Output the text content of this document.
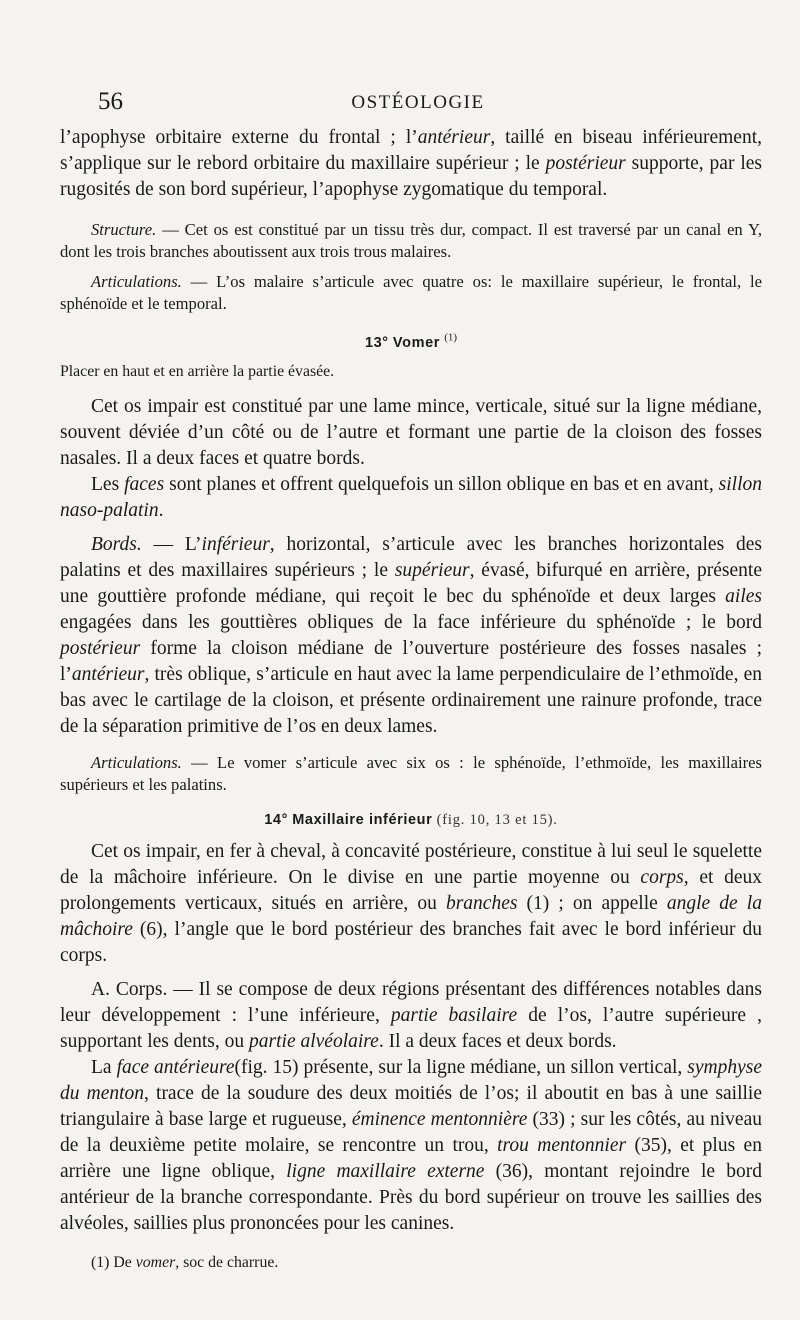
56	OSTÉOLOGIE

l’apophyse orbitaire externe du frontal ; l’antérieur, taillé en biseau inférieurement, s’applique sur le rebord orbitaire du maxillaire supérieur ; le postérieur supporte, par les rugosités de son bord supérieur, l’apophyse zygomatique du temporal.

Structure. — Cet os est constitué par un tissu très dur, compact. Il est traversé par un canal en Y, dont les trois branches aboutissent aux trois trous malaires.

Articulations. — L’os malaire s’articule avec quatre os: le maxillaire supérieur, le frontal, le sphénoïde et le temporal.

13° Vomer $^{(1)}$

Placer en haut et en arrière la partie évasée.

Cet os impair est constitué par une lame mince, verticale, situé sur la ligne médiane, souvent déviée d’un côté ou de l’autre et formant une partie de la cloison des fosses nasales. Il a deux faces et quatre bords.

Les faces sont planes et offrent quelquefois un sillon oblique en bas et en avant, sillon naso-palatin.

Bords. — L’inférieur, horizontal, s’articule avec les branches horizontales des palatins et des maxillaires supérieurs ; le supérieur, évasé, bifurqué en arrière, présente une gouttière profonde médiane, qui reçoit le bec du sphénoïde et deux larges ailes engagées dans les gouttières obliques de la face inférieure du sphénoïde ; le bord postérieur forme la cloison médiane de l’ouverture postérieure des fosses nasales ; l’antérieur, très oblique, s’articule en haut avec la lame perpendiculaire de l’ethmoïde, en bas avec le cartilage de la cloison, et présente ordinairement une rainure profonde, trace de la séparation primitive de l’os en deux lames.

Articulations. — Le vomer s’articule avec six os : le sphénoïde, l’ethmoïde, les maxillaires supérieurs et les palatins.

14° Maxillaire inférieur (fig. 10, 13 et 15).

Cet os impair, en fer à cheval, à concavité postérieure, constitue à lui seul le squelette de la mâchoire inférieure. On le divise en une partie moyenne ou corps, et deux prolongements verticaux, situés en arrière, ou branches (1) ; on appelle angle de la mâchoire (6), l’angle que le bord postérieur des branches fait avec le bord inférieur du corps.

A. Corps. — Il se compose de deux régions présentant des différences notables dans leur développement : l’une inférieure, partie basilaire de l’os, l’autre supérieure , supportant les dents, ou partie alvéolaire. Il a deux faces et deux bords.

La face antérieure(fig. 15) présente, sur la ligne médiane, un sillon vertical, symphyse du menton, trace de la soudure des deux moitiés de l’os; il aboutit en bas à une saillie triangulaire à base large et rugueuse, éminence mentonnière (33) ; sur les côtés, au niveau de la deuxième petite molaire, se rencontre un trou, trou mentonnier (35), et plus en arrière une ligne oblique, ligne maxillaire externe (36), montant rejoindre le bord antérieur de la branche correspondante. Près du bord supérieur on trouve les saillies des alvéoles, saillies plus prononcées pour les canines.

(1) De vomer, soc de charrue.
